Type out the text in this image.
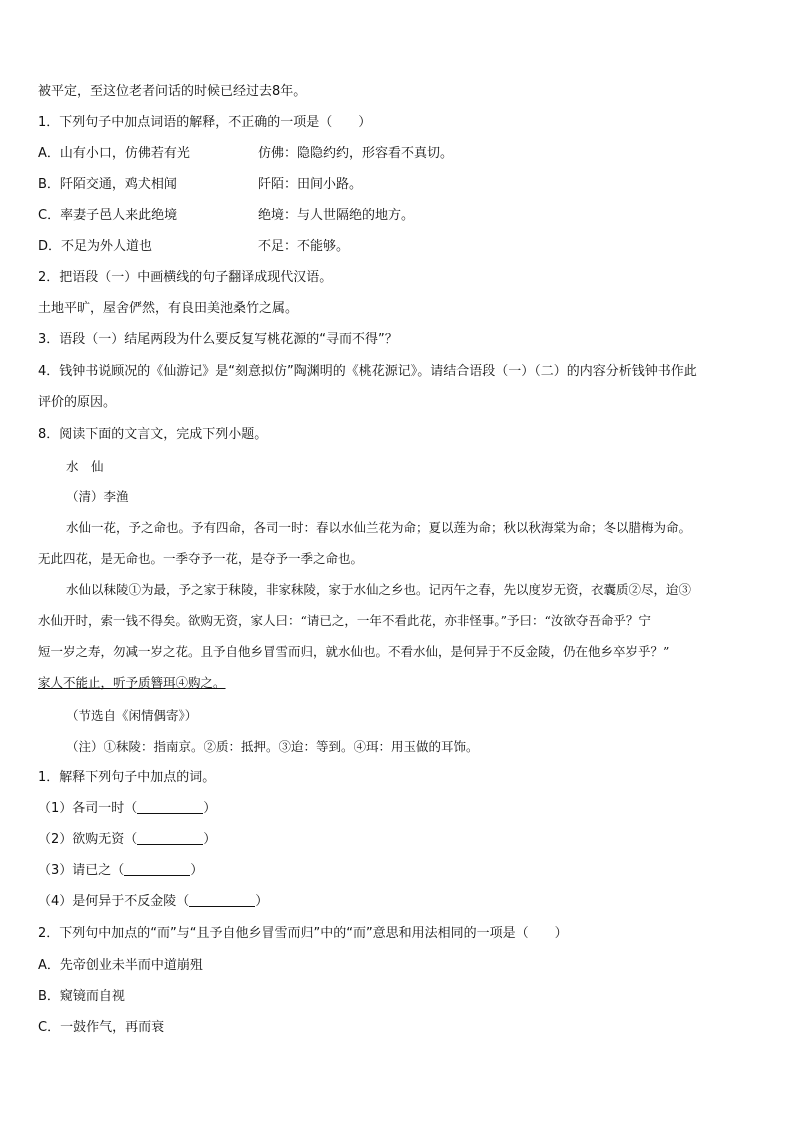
被平定，至这位老者问话的时候已经过去8年。
1．下列句子中加点词语的解释，不正确的一项是（　　）
A．山有小口，仿佛若有光	仿佛：隐隐约约，形容看不真切。
B．阡陌交通，鸡犬相闻	阡陌：田间小路。
C．率妻子邑人来此绝境	绝境：与人世隔绝的地方。
D．不足为外人道也	不足：不能够。
2．把语段（一）中画横线的句子翻译成现代汉语。
土地平旷，屋舍俨然，有良田美池桑竹之属。
3．语段（一）结尾两段为什么要反复写桃花源的“寻而不得”？
4．钱钟书说顾况的《仙游记》是“刻意拟仿”陶渊明的《桃花源记》。请结合语段（一）（二）的内容分析钱钟书作此
评价的原因。
8．阅读下面的文言文，完成下列小题。
水　仙
（清）李渔
水仙一花，予之命也。予有四命，各司一时：春以水仙兰花为命；夏以莲为命；秋以秋海棠为命；冬以腊梅为命。
无此四花，是无命也。一季夺予一花，是夺予一季之命也。
水仙以秣陵①为最，予之家于秣陵，非家秣陵，家于水仙之乡也。记丙午之春，先以度岁无资，衣囊质②尽，迨③
水仙开时，索一钱不得矣。欲购无资，家人曰：“请已之，一年不看此花，亦非怪事。”予曰：“汝欲夺吾命乎？宁
短一岁之寿，勿减一岁之花。且予自他乡冒雪而归，就水仙也。不看水仙，是何异于不反金陵，仍在他乡卒岁乎？”
家人不能止，听予质簪珥④购之。
（节选自《闲情偶寄》）
（注）①秣陵：指南京。②质：抵押。③迨：等到。④珥：用玉做的耳饰。
1．解释下列句子中加点的词。
（1）各司一时（	）
（2）欲购无资（	）
（3）请已之（	）
（4）是何异于不反金陵（	）
2．下列句中加点的“而”与“且予自他乡冒雪而归”中的“而”意思和用法相同的一项是（　　）
A．先帝创业未半而中道崩殂
B．窥镜而自视
C．一鼓作气，再而衰
